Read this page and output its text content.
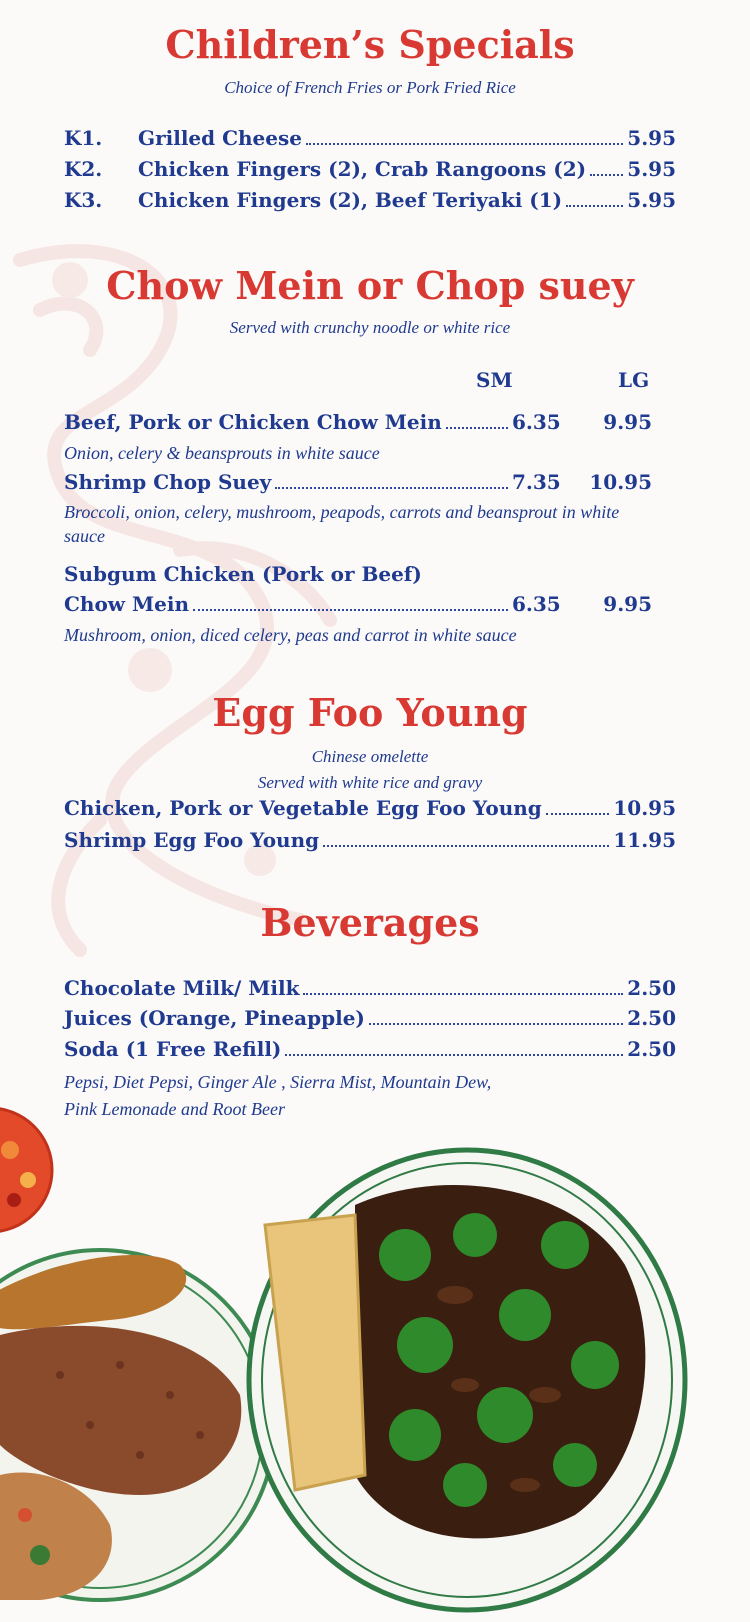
Children’s Specials
Choice of French Fries or Pork Fried Rice
K1.	Grilled Cheese	5.95
K2.	Chicken Fingers (2), Crab Rangoons (2) 5.95
K3.	Chicken Fingers (2), Beef Teriyaki (1)	5.95
Chow Mein or Chop suey
Served with crunchy noodle or white rice
SM	LG
Beef, Pork or Chicken Chow Mein	6.35	9.95
Onion, celery & beansprouts in white sauce
Shrimp Chop Suey	7.35	10.95
Broccoli, onion, celery, mushroom, peapods, carrots and beansprout in white sauce
Subgum Chicken (Pork or Beef)
Chow Mein	6.35	9.95
Mushroom, onion, diced celery, peas and carrot in white sauce
Egg Foo Young
Chinese omelette
Served with white rice and gravy
Chicken, Pork or Vegetable Egg Foo Young	10.95
Shrimp Egg Foo Young	11.95
Beverages
Chocolate Milk/ Milk	2.50
Juices (Orange, Pineapple)	2.50
Soda (1 Free Refill)	2.50
Pepsi, Diet Pepsi, Ginger Ale , Sierra Mist, Mountain Dew,
Pink Lemonade and Root Beer
